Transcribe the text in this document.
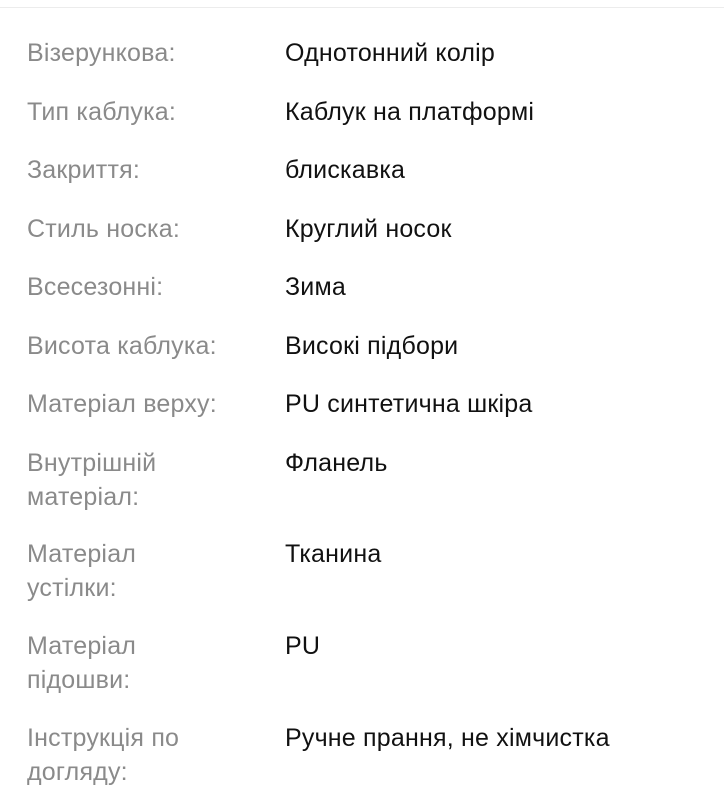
Візерункова:	Однотонний колір
Тип каблука:	Каблук на платформі
Закриття:	блискавка
Стиль носка:	Круглий носок
Всесезонні:	Зима
Висота каблука:	Високі підбори
Матеріал верху:	PU синтетична шкіра
Внутрішній матеріал:
Фланель
Матеріал устілки:
Тканина
Матеріал підошви:
PU
Інструкція по догляду:
Ручне прання, не хімчистка
